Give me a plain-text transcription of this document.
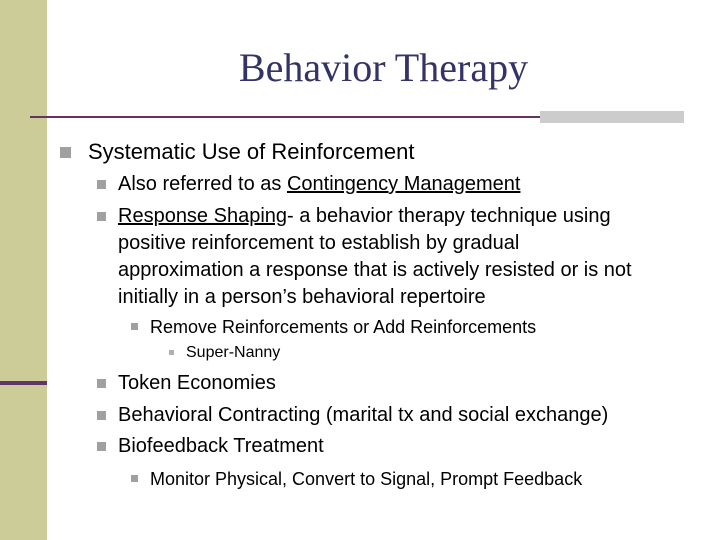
Behavior Therapy
Systematic Use of Reinforcement
Also referred to as Contingency Management
Response Shaping- a behavior therapy technique using
positive reinforcement to establish by gradual
approximation a response that is actively resisted or is not
initially in a person’s behavioral repertoire
Remove Reinforcements or Add Reinforcements
Super-Nanny
Token Economies
Behavioral Contracting (marital tx and social exchange)
Biofeedback Treatment
Monitor Physical, Convert to Signal, Prompt Feedback
